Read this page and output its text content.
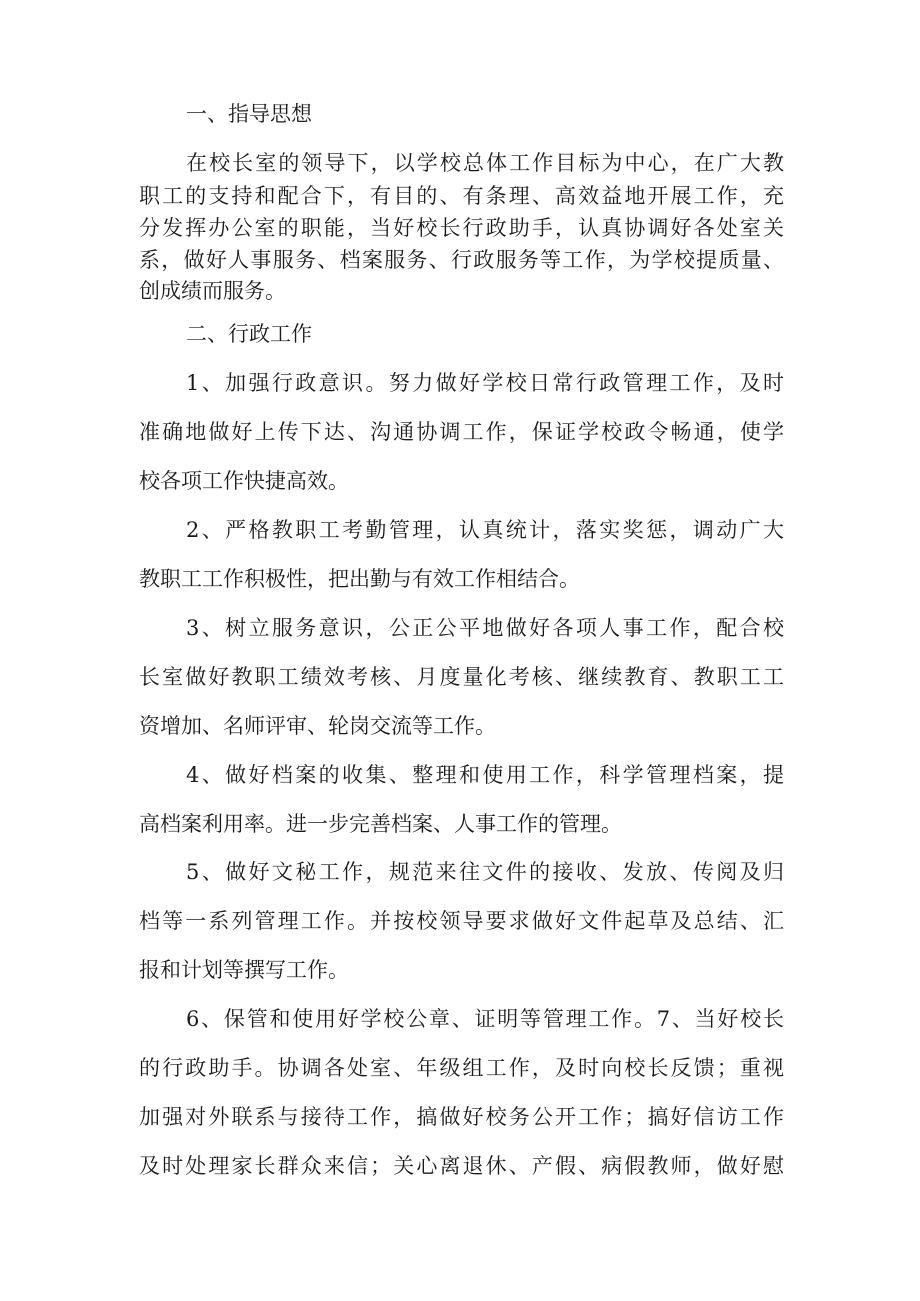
一、指导思想
在校长室的领导下，以学校总体工作目标为中心，在广大教
职工的支持和配合下，有目的、有条理、高效益地开展工作，充
分发挥办公室的职能，当好校长行政助手，认真协调好各处室关
系，做好人事服务、档案服务、行政服务等工作，为学校提质量、
创成绩而服务。
二、行政工作
1、加强行政意识。努力做好学校日常行政管理工作，及时
准确地做好上传下达、沟通协调工作，保证学校政令畅通，使学
校各项工作快捷高效。
2、严格教职工考勤管理，认真统计，落实奖惩，调动广大
教职工工作积极性，把出勤与有效工作相结合。
3、树立服务意识，公正公平地做好各项人事工作，配合校
长室做好教职工绩效考核、月度量化考核、继续教育、教职工工
资增加、名师评审、轮岗交流等工作。
4、做好档案的收集、整理和使用工作，科学管理档案，提
高档案利用率。进一步完善档案、人事工作的管理。
5、做好文秘工作，规范来往文件的接收、发放、传阅及归
档等一系列管理工作。并按校领导要求做好文件起草及总结、汇
报和计划等撰写工作。
6、保管和使用好学校公章、证明等管理工作。7、当好校长
的行政助手。协调各处室、年级组工作，及时向校长反馈；重视
加强对外联系与接待工作，搞做好校务公开工作；搞好信访工作
及时处理家长群众来信；关心离退休、产假、病假教师，做好慰
